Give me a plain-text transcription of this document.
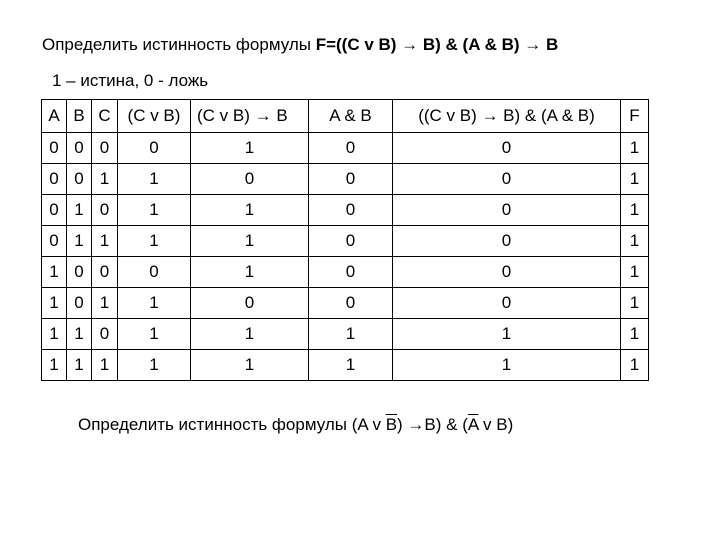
Определить истинность формулы F=((C v B) → B) & (A & B) → B
1 – истина, 0 - ложь
A	B	C	(C v B)	(C v B) → B	A & B	((C v B) → B) & (A & B)	F
0	0	0	0	1	0	0	1
0	0	1	1	0	0	0	1
0	1	0	1	1	0	0	1
0	1	1	1	1	0	0	1
1	0	0	0	1	0	0	1
1	0	1	1	0	0	0	1
1	1	0	1	1	1	1	1
1	1	1	1	1	1	1	1
Определить истинность формулы (A v $\overline{B}) \to B$) & ($\overline{A}$ v B)
